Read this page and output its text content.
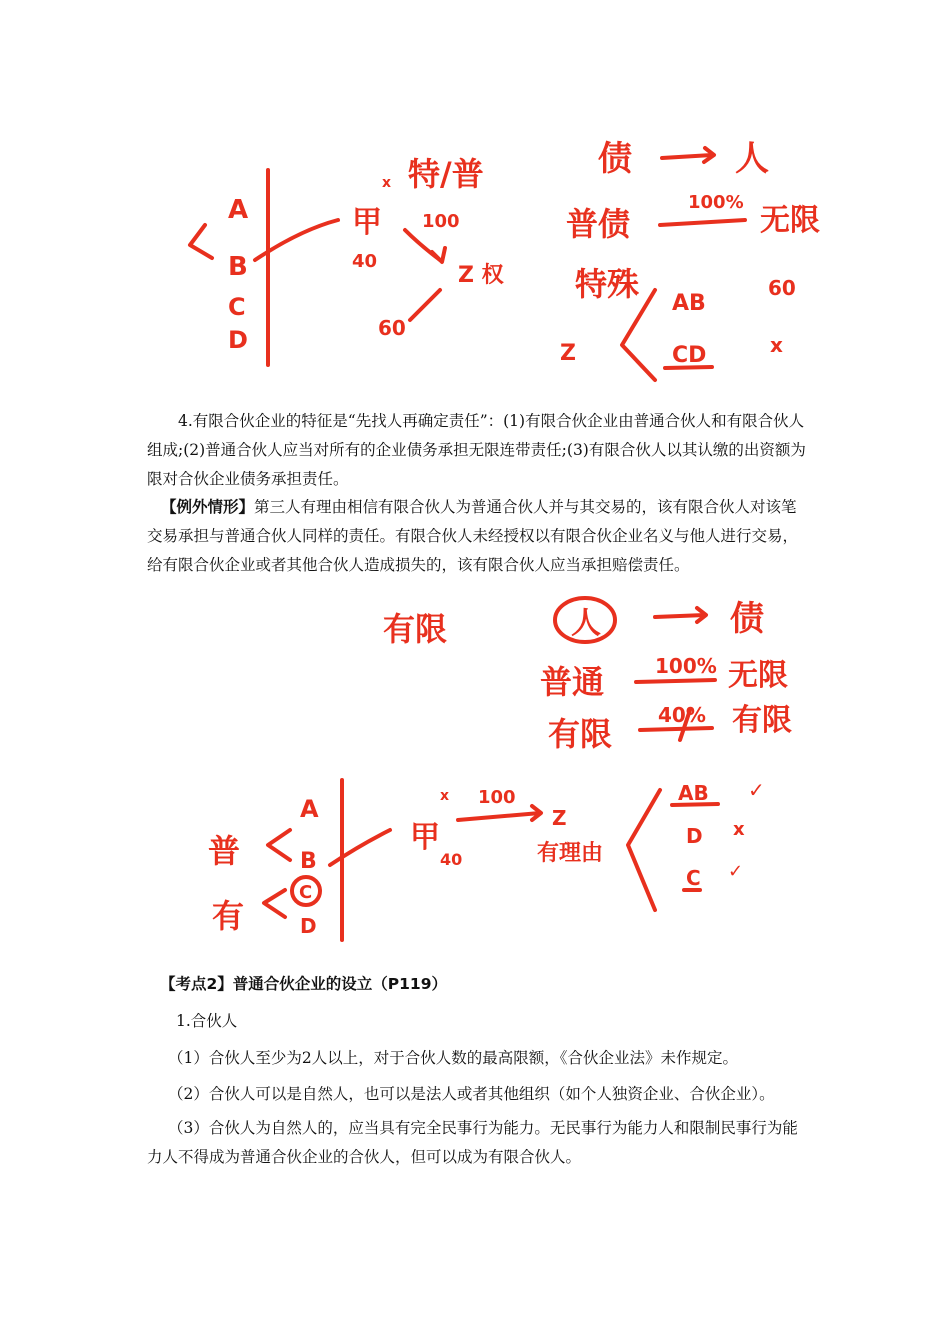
A
B
C
D
x 特/普
甲
40
100
Z 权
60
债	人
普债
100%
无限
特殊
AB
CD
Z
60
x

4.有限合伙企业的特征是“先找人再确定责任”：(1)有限合伙企业由普通合伙人和有限合伙人组成;(2)普通合伙人应当对所有的企业债务承担无限连带责任;(3)有限合伙人以其认缴的出资额为限对合伙企业债务承担责任。

【例外情形】第三人有理由相信有限合伙人为普通合伙人并与其交易的，该有限合伙人对该笔交易承担与普通合伙人同样的责任。有限合伙人未经授权以有限合伙企业名义与他人进行交易，给有限合伙企业或者其他合伙人造成损失的，该有限合伙人应当承担赔偿责任。

有限	人	债
普通	100% 无限
有限 40% 有限
普
有
A
B
C
D
x 100
Z
甲
40	有理由
AB
D
C
✓
x
✓
【考点2】普通合伙企业的设立（P119）
1.合伙人
（1）合伙人至少为2人以上，对于合伙人数的最高限额，《合伙企业法》未作规定。
（2）合伙人可以是自然人，也可以是法人或者其他组织（如个人独资企业、合伙企业）。

（3）合伙人为自然人的，应当具有完全民事行为能力。无民事行为能力人和限制民事行为能力人不得成为普通合伙企业的合伙人，但可以成为有限合伙人。
